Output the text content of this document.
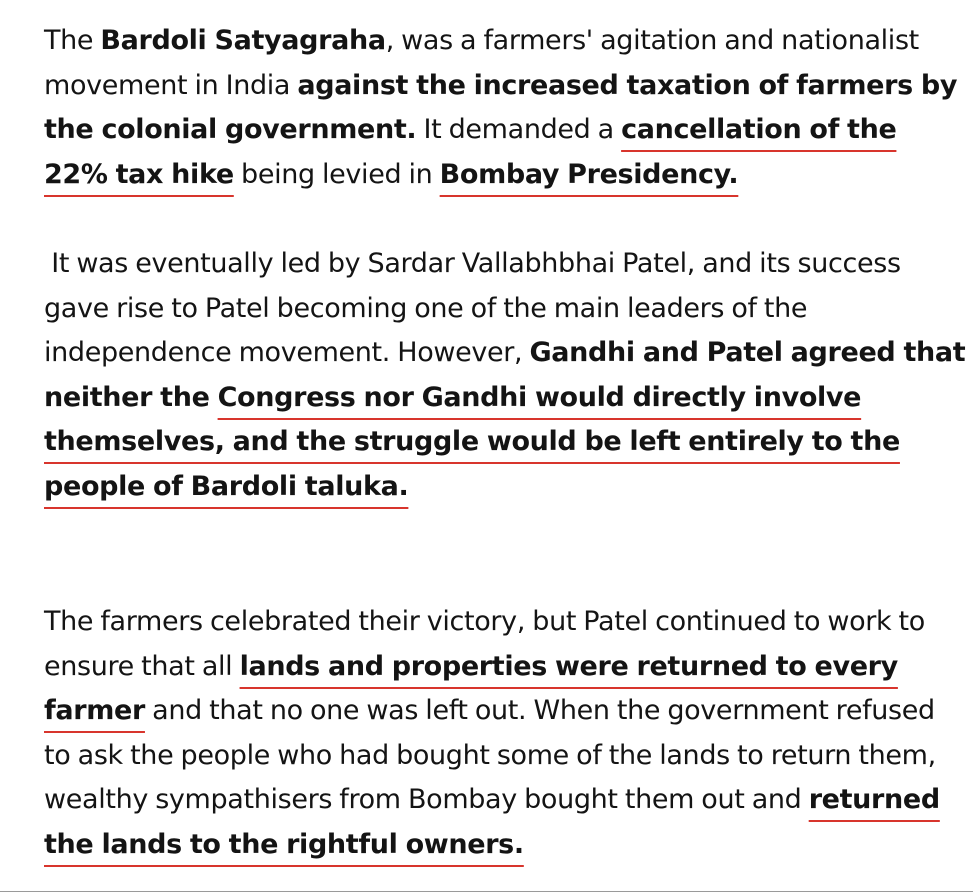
The Bardoli Satyagraha, was a farmers' agitation and nationalist movement in India against the increased taxation of farmers by the colonial government. It demanded a cancellation of the 22% tax hike being levied in Bombay Presidency.

It was eventually led by Sardar Vallabhbhai Patel, and its success gave rise to Patel becoming one of the main leaders of the independence movement. However, Gandhi and Patel agreed that neither the Congress nor Gandhi would directly involve themselves, and the struggle would be left entirely to the people of Bardoli taluka.

The farmers celebrated their victory, but Patel continued to work to ensure that all lands and properties were returned to every farmer and that no one was left out. When the government refused to ask the people who had bought some of the lands to return them, wealthy sympathisers from Bombay bought them out and returned the lands to the rightful owners.
